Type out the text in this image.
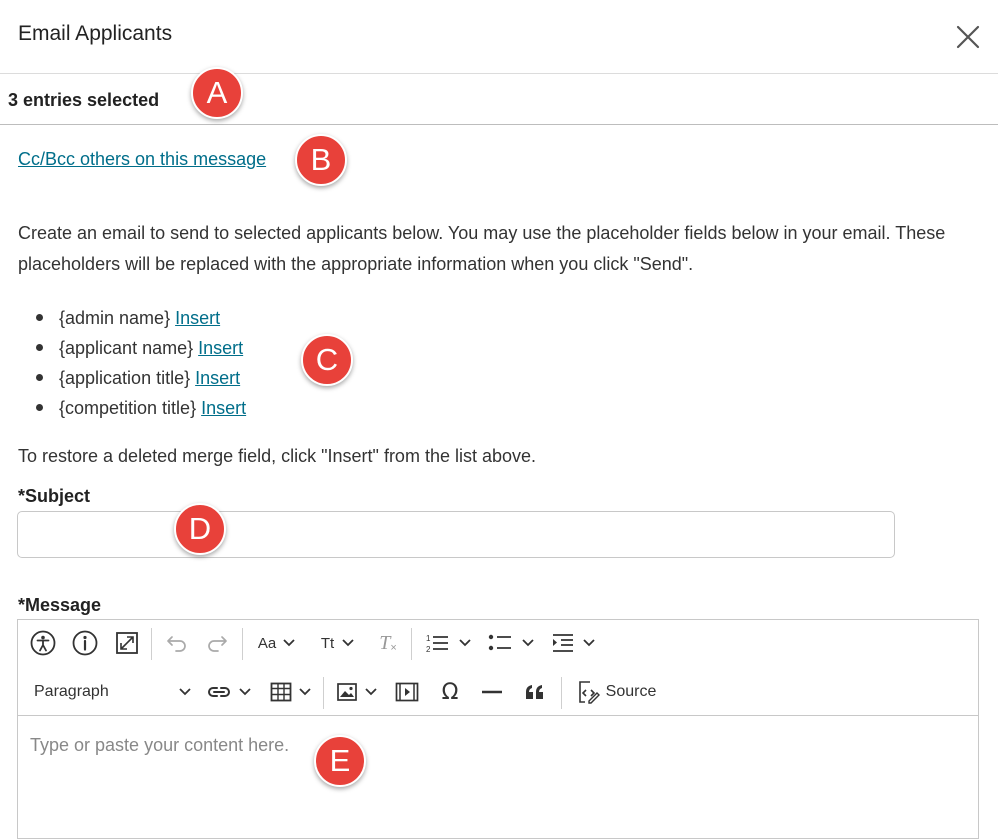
Email Applicants
3 entries selected	A
Cc/Bcc others on this message	B
Create an email to send to selected applicants below. You may use the placeholder fields below in your email. These placeholders will be replaced with the appropriate information when you click "Send".
{admin name} Insert
{applicant name} Insert
{application title} Insert
{competition title} Insert
C
To restore a deleted merge field, click "Insert" from the list above.
*Subject
D
*Message
Aa	Tt T ×
1
2
Paragraph	Ω	Source
Type or paste your content here.	E
